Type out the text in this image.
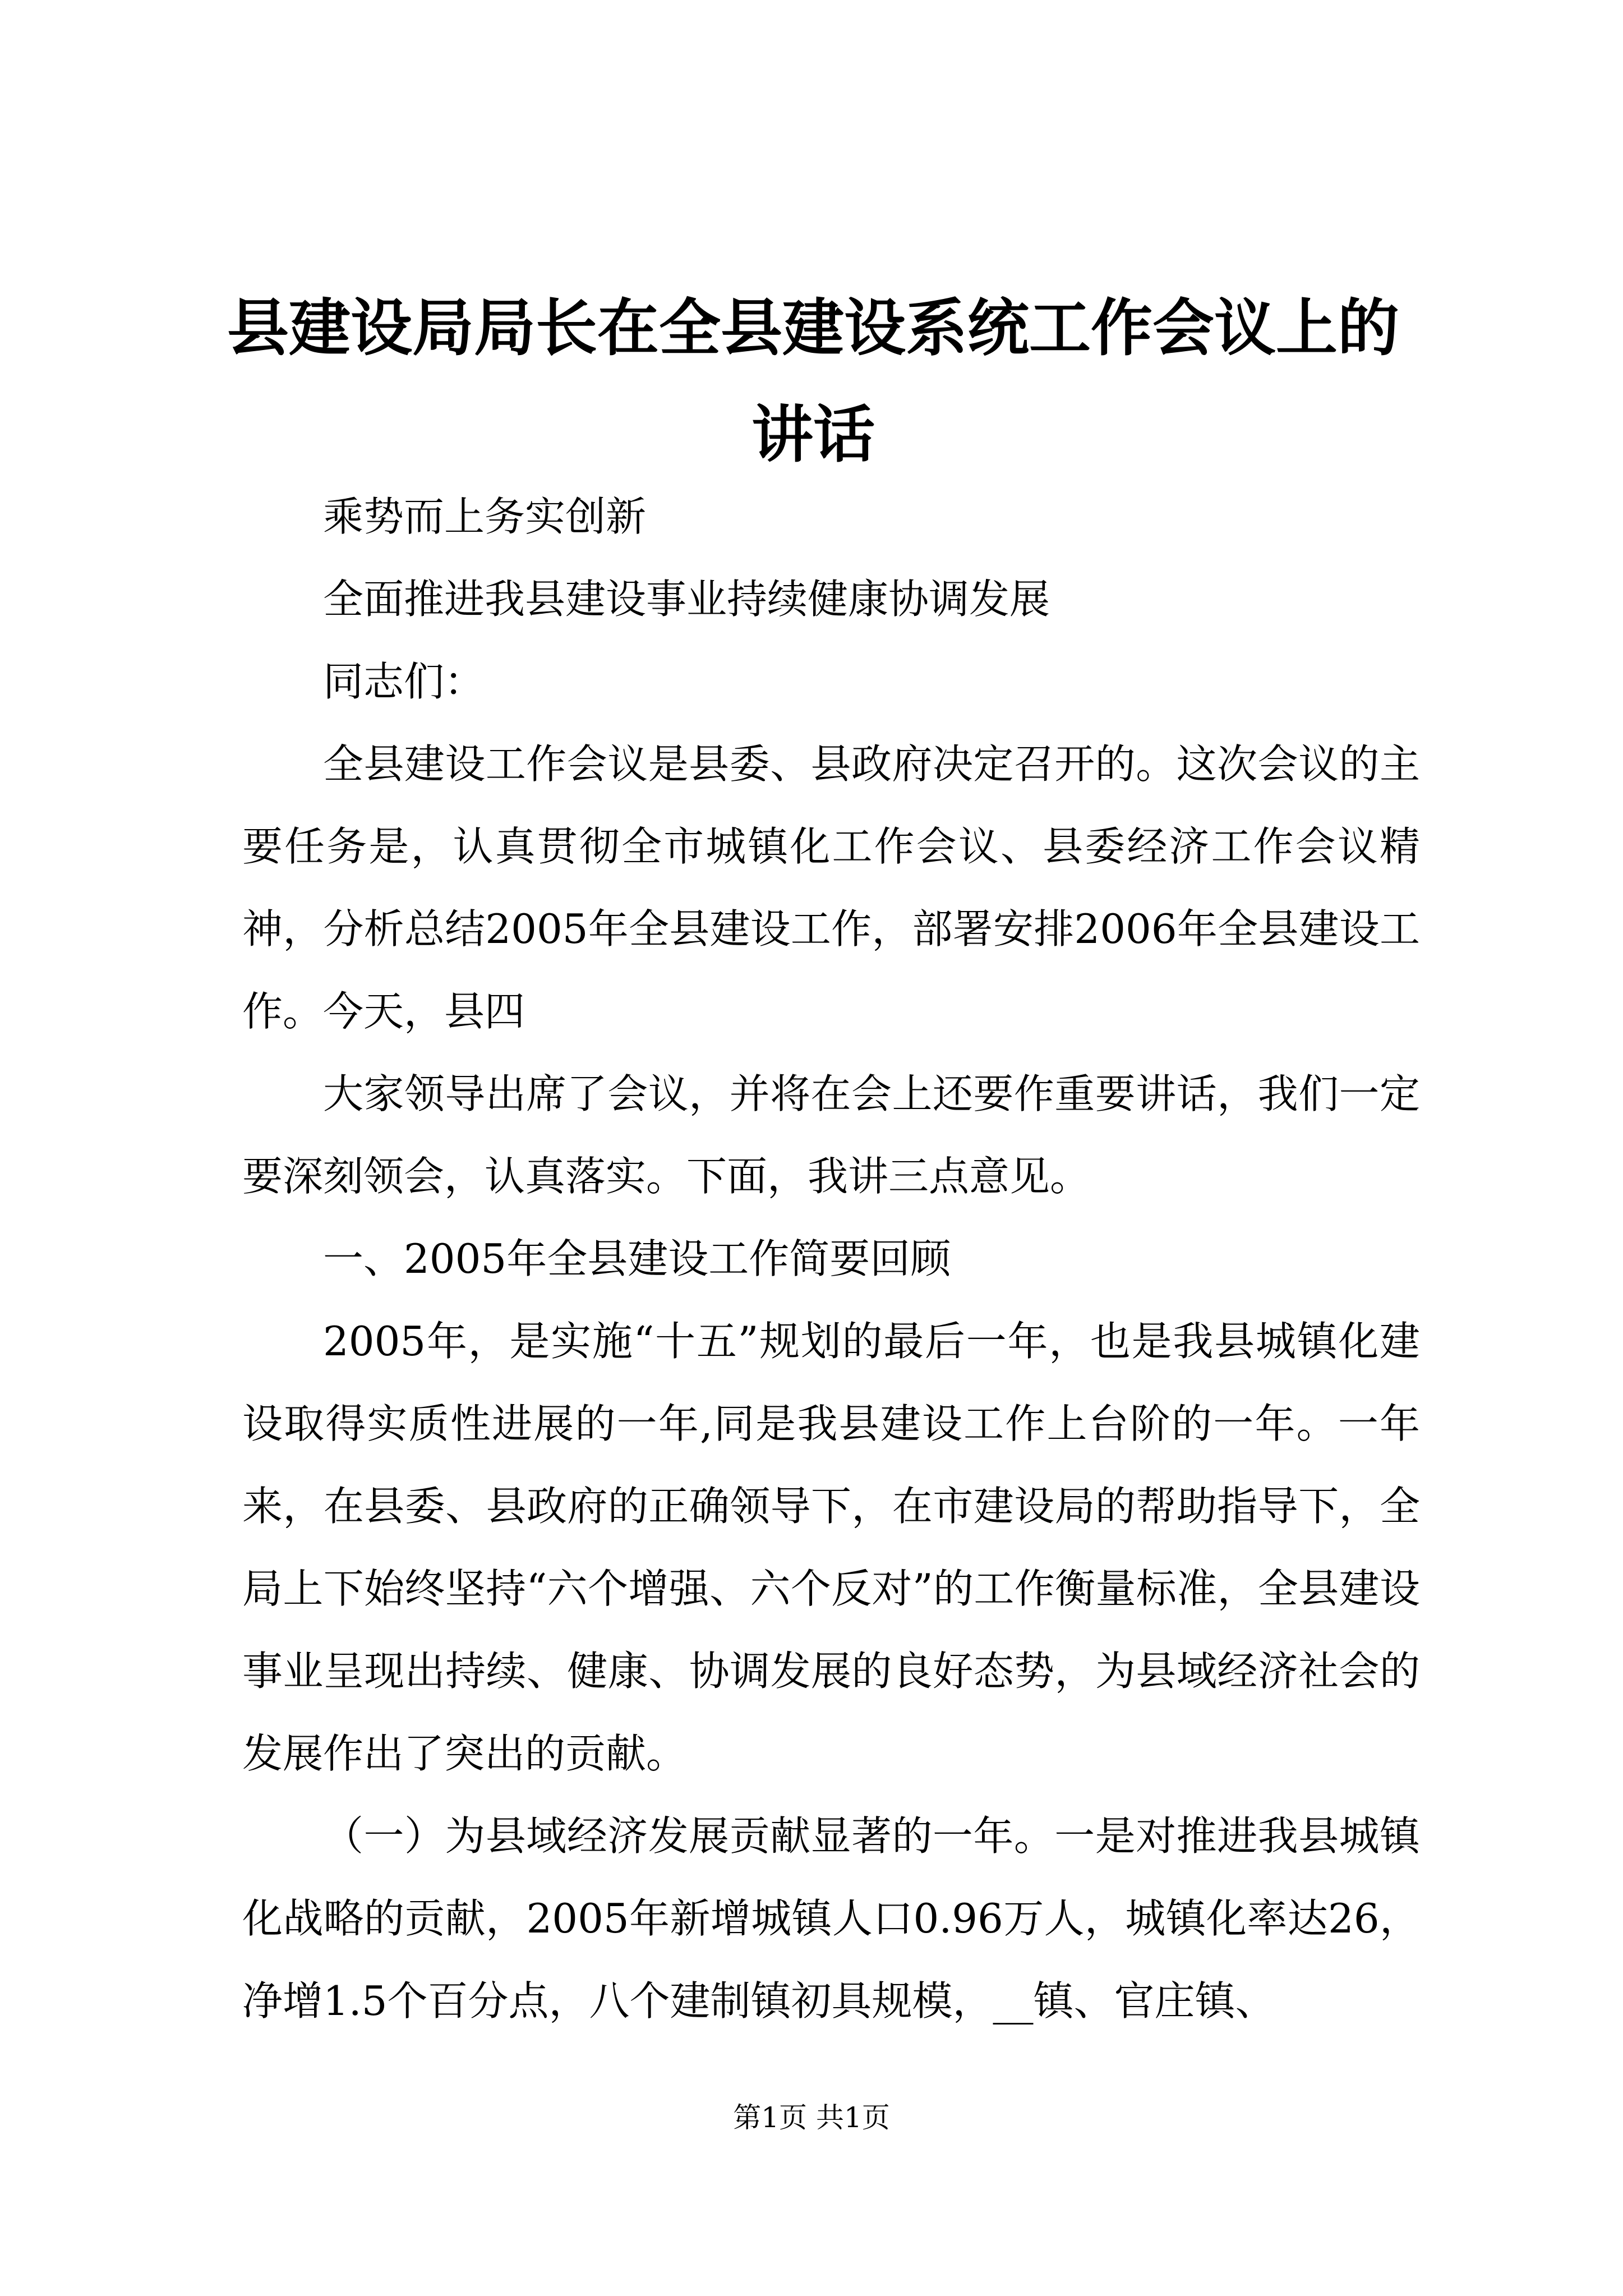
县建设局局长在全县建设系统工作会议上的讲话

乘势而上务实创新

全面推进我县建设事业持续健康协调发展

同志们：

全县建设工作会议是县委、县政府决定召开的。这次会议的主要任务是，认真贯彻全市城镇化工作会议、县委经济工作会议精神，分析总结2005年全县建设工作，部署安排2006年全县建设工作。今天，县四

大家领导出席了会议，并将在会上还要作重要讲话，我们一定要深刻领会，认真落实。下面，我讲三点意见。

一、2005年全县建设工作简要回顾

2005年，是实施“十五”规划的最后一年，也是我县城镇化建设取得实质性进展的一年,同是我县建设工作上台阶的一年。一年来，在县委、县政府的正确领导下，在市建设局的帮助指导下，全局上下始终坚持“六个增强、六个反对”的工作衡量标准，全县建设事业呈现出持续、健康、协调发展的良好态势，为县域经济社会的发展作出了突出的贡献。

（一）为县域经济发展贡献显著的一年。一是对推进我县城镇化战略的贡献，2005年新增城镇人口0.96万人，城镇化率达26，净增1.5个百分点，八个建制镇初具规模，__镇、官庄镇、

第1页 共1页
